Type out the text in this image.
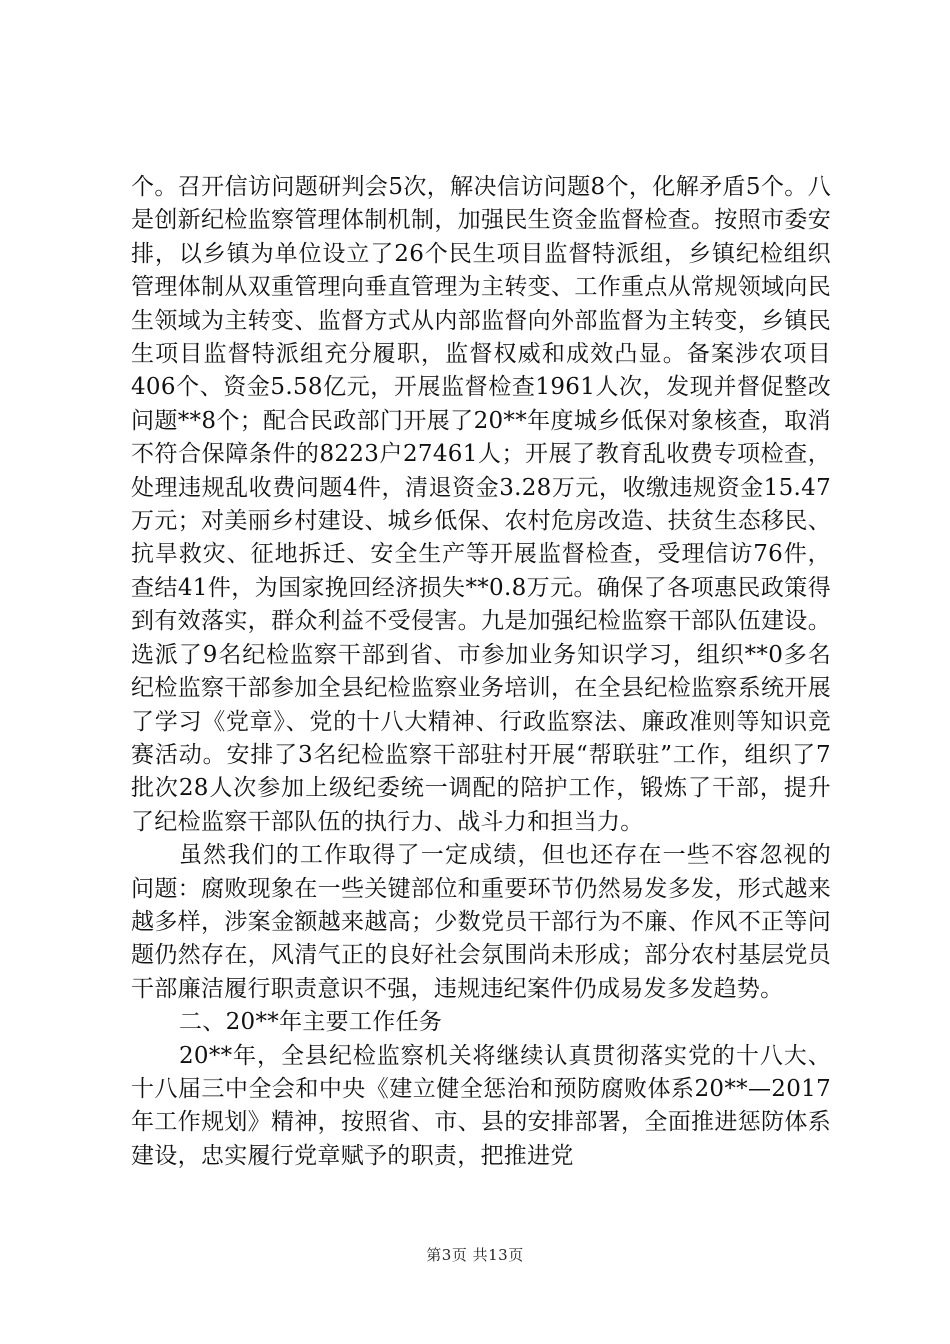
个。召开信访问题研判会5次，解决信访问题8个，化解矛盾5个。八是创新纪检监察管理体制机制，加强民生资金监督检查。按照市委安排，以乡镇为单位设立了26个民生项目监督特派组，乡镇纪检组织管理体制从双重管理向垂直管理为主转变、工作重点从常规领域向民生领域为主转变、监督方式从内部监督向外部监督为主转变，乡镇民生项目监督特派组充分履职，监督权威和成效凸显。备案涉农项目406个、资金5.58亿元，开展监督检查1961人次，发现并督促整改问题**8个；配合民政部门开展了20**年度城乡低保对象核查，取消不符合保障条件的8223户27461人；开展了教育乱收费专项检查，处理违规乱收费问题4件，清退资金3.28万元，收缴违规资金15.47万元；对美丽乡村建设、城乡低保、农村危房改造、扶贫生态移民、抗旱救灾、征地拆迁、安全生产等开展监督检查，受理信访76件，查结41件，为国家挽回经济损失**0.8万元。确保了各项惠民政策得到有效落实，群众利益不受侵害。九是加强纪检监察干部队伍建设。选派了9名纪检监察干部到省、市参加业务知识学习，组织**0多名纪检监察干部参加全县纪检监察业务培训，在全县纪检监察系统开展了学习《党章》、党的十八大精神、行政监察法、廉政准则等知识竞赛活动。安排了3名纪检监察干部驻村开展“帮联驻”工作，组织了7批次28人次参加上级纪委统一调配的陪护工作，锻炼了干部，提升了纪检监察干部队伍的执行力、战斗力和担当力。

虽然我们的工作取得了一定成绩，但也还存在一些不容忽视的问题：腐败现象在一些关键部位和重要环节仍然易发多发，形式越来越多样，涉案金额越来越高；少数党员干部行为不廉、作风不正等问题仍然存在，风清气正的良好社会氛围尚未形成；部分农村基层党员干部廉洁履行职责意识不强，违规违纪案件仍成易发多发趋势。

二、20**年主要工作任务

20**年，全县纪检监察机关将继续认真贯彻落实党的十八大、十八届三中全会和中央《建立健全惩治和预防腐败体系20**—2017年工作规划》精神，按照省、市、县的安排部署，全面推进惩防体系建设，忠实履行党章赋予的职责，把推进党

第3页 共13页
